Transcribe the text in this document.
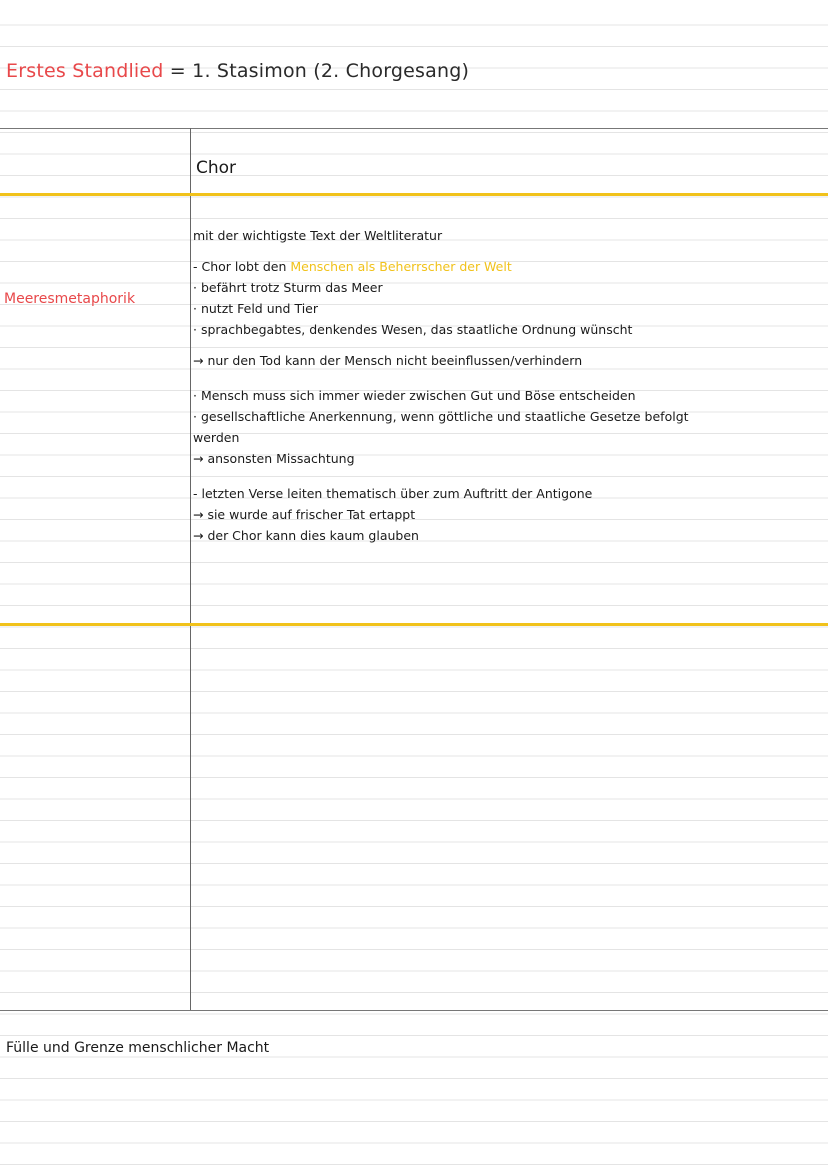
Erstes Standlied = 1. Stasimon (2. Chorgesang)
Chor
Meeresmetaphorik
mit der wichtigste Text der Weltliteratur
- Chor lobt den Menschen als Beherrscher der Welt
· befährt trotz Sturm das Meer
· nutzt Feld und Tier
· sprachbegabtes, denkendes Wesen, das staatliche Ordnung wünscht
→ nur den Tod kann der Mensch nicht beeinflussen/verhindern
· Mensch muss sich immer wieder zwischen Gut und Böse entscheiden
· gesellschaftliche Anerkennung, wenn göttliche und staatliche Gesetze befolgt
werden
→ ansonsten Missachtung
- letzten Verse leiten thematisch über zum Auftritt der Antigone
→ sie wurde auf frischer Tat ertappt
→ der Chor kann dies kaum glauben
Fülle und Grenze menschlicher Macht
